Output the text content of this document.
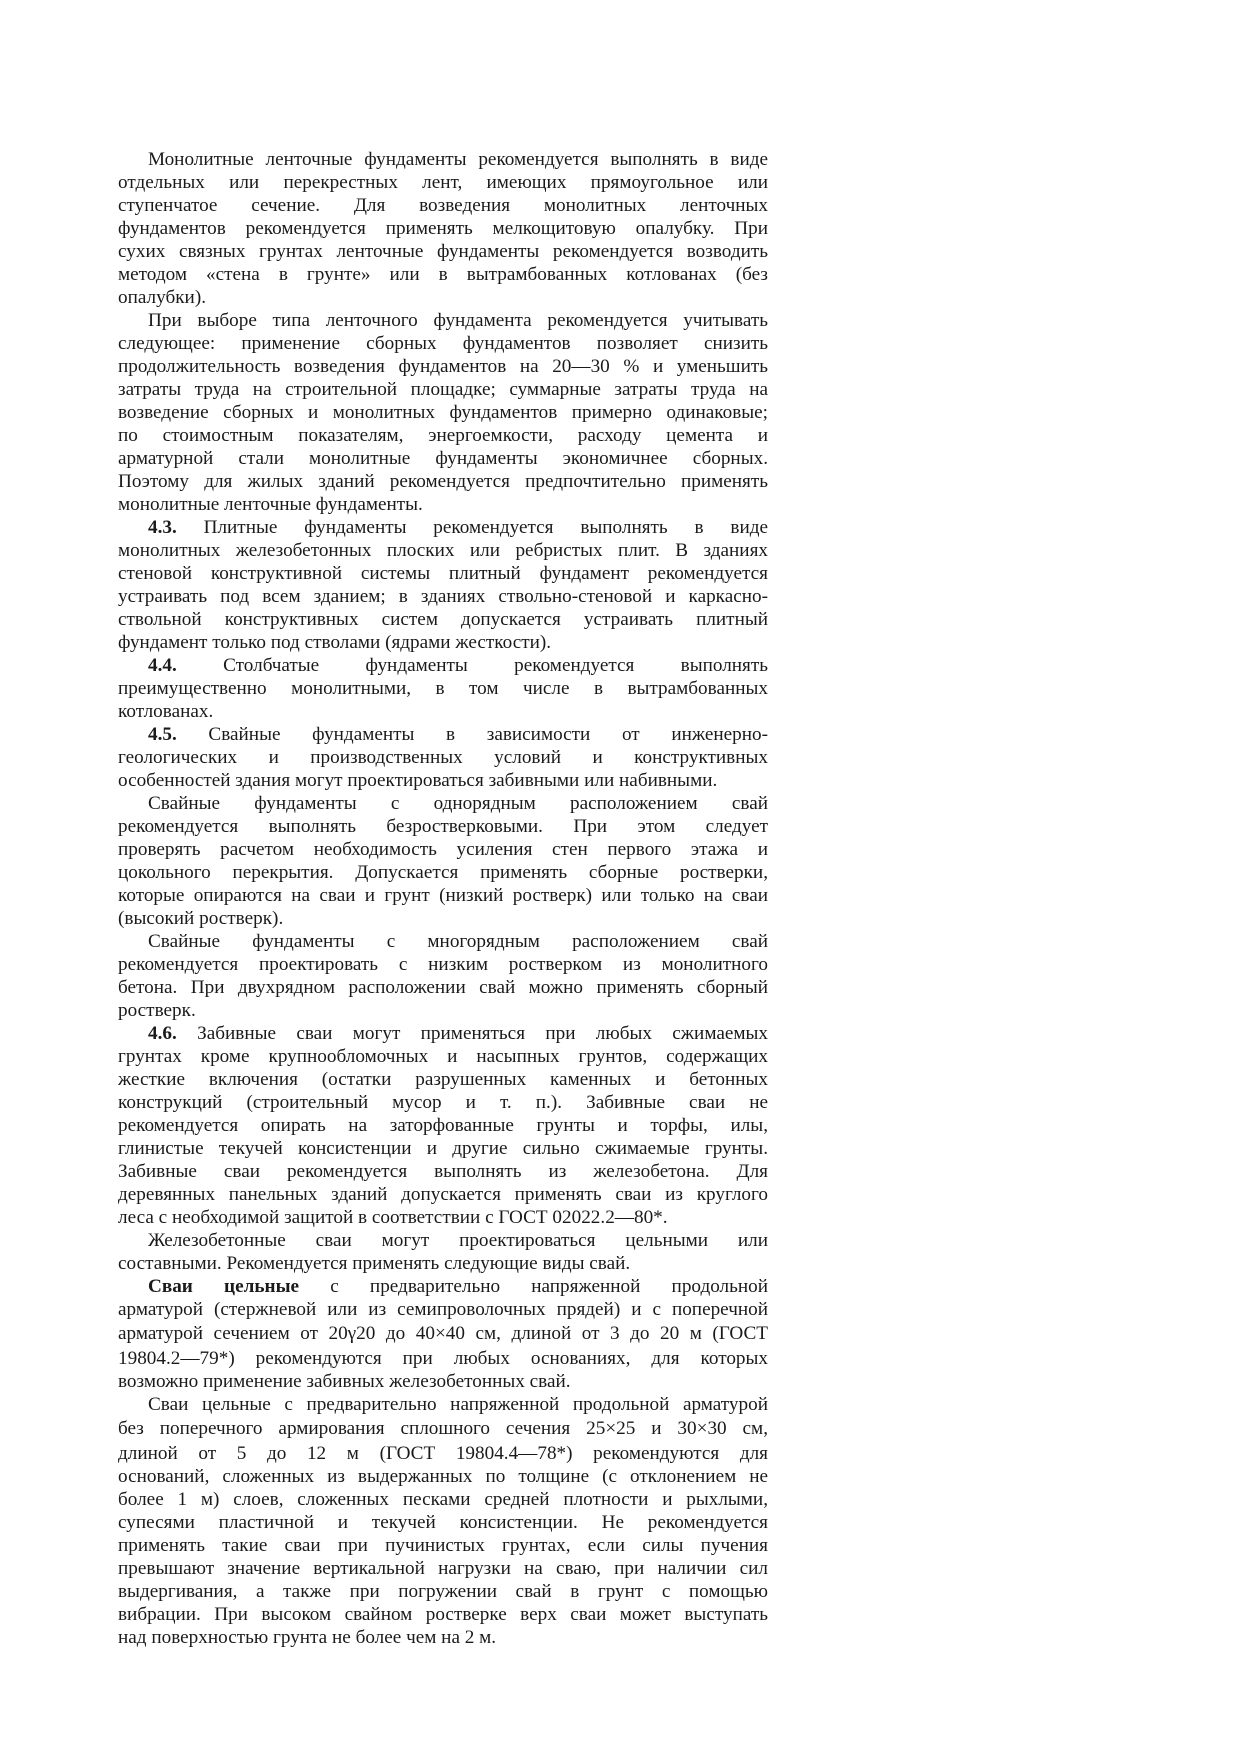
Монолитные ленточные фундаменты рекомендуется выполнять в виде
отдельных или перекрестных лент, имеющих прямоугольное или
ступенчатое сечение. Для возведения монолитных ленточных
фундаментов рекомендуется применять мелкощитовую опалубку. При
сухих связных грунтах ленточные фундаменты рекомендуется возводить
методом «стена в грунте» или в вытрамбованных котлованах (без
опалубки).
При выборе типа ленточного фундамента рекомендуется учитывать
следующее: применение сборных фундаментов позволяет снизить
продолжительность возведения фундаментов на 20—30 % и уменьшить
затраты труда на строительной площадке; суммарные затраты труда на
возведение сборных и монолитных фундаментов примерно одинаковые;
по стоимостным показателям, энергоемкости, расходу цемента и
арматурной стали монолитные фундаменты экономичнее сборных.
Поэтому для жилых зданий рекомендуется предпочтительно применять
монолитные ленточные фундаменты.
4.3. Плитные фундаменты рекомендуется выполнять в виде
монолитных железобетонных плоских или ребристых плит. В зданиях
стеновой конструктивной системы плитный фундамент рекомендуется
устраивать под всем зданием; в зданиях ствольно-стеновой и каркасно-
ствольной конструктивных систем допускается устраивать плитный
фундамент только под стволами (ядрами жесткости).
4.4. Столбчатые фундаменты рекомендуется выполнять
преимущественно монолитными, в том числе в вытрамбованных
котлованах.
4.5. Свайные фундаменты в зависимости от инженерно-
геологических и производственных условий и конструктивных
особенностей здания могут проектироваться забивными или набивными.
Свайные фундаменты с однорядным расположением свай
рекомендуется выполнять безростверковыми. При этом следует
проверять расчетом необходимость усиления стен первого этажа и
цокольного перекрытия. Допускается применять сборные ростверки,
которые опираются на сваи и грунт (низкий ростверк) или только на сваи
(высокий ростверк).
Свайные фундаменты с многорядным расположением свай
рекомендуется проектировать с низким ростверком из монолитного
бетона. При двухрядном расположении свай можно применять сборный
ростверк.
4.6. Забивные сваи могут применяться при любых сжимаемых
грунтах кроме крупнообломочных и насыпных грунтов, содержащих
жесткие включения (остатки разрушенных каменных и бетонных
конструкций (строительный мусор и т. п.). Забивные сваи не
рекомендуется опирать на заторфованные грунты и торфы, илы,
глинистые текучей консистенции и другие сильно сжимаемые грунты.
Забивные сваи рекомендуется выполнять из железобетона. Для
деревянных панельных зданий допускается применять сваи из круглого
леса с необходимой защитой в соответствии с ГОСТ 02022.2—80*.
Железобетонные сваи могут проектироваться цельными или
составными. Рекомендуется применять следующие виды свай.
Сваи цельные с предварительно напряженной продольной
арматурой (стержневой или из семипроволочных прядей) и с поперечной
арматурой сечением от 20γ20 до 40×40 см, длиной от 3 до 20 м (ГОСТ
19804.2—79*) рекомендуются при любых основаниях, для которых
возможно применение забивных железобетонных свай.
Сваи цельные с предварительно напряженной продольной арматурой
без поперечного армирования сплошного сечения 25×25 и 30×30 см,
длиной от 5 до 12 м (ГОСТ 19804.4—78*) рекомендуются для
оснований, сложенных из выдержанных по толщине (с отклонением не
более 1 м) слоев, сложенных песками средней плотности и рыхлыми,
супесями пластичной и текучей консистенции. Не рекомендуется
применять такие сваи при пучинистых грунтах, если силы пучения
превышают значение вертикальной нагрузки на сваю, при наличии сил
выдергивания, а также при погружении свай в грунт с помощью
вибрации. При высоком свайном ростверке верх сваи может выступать
над поверхностью грунта не более чем на 2 м.
